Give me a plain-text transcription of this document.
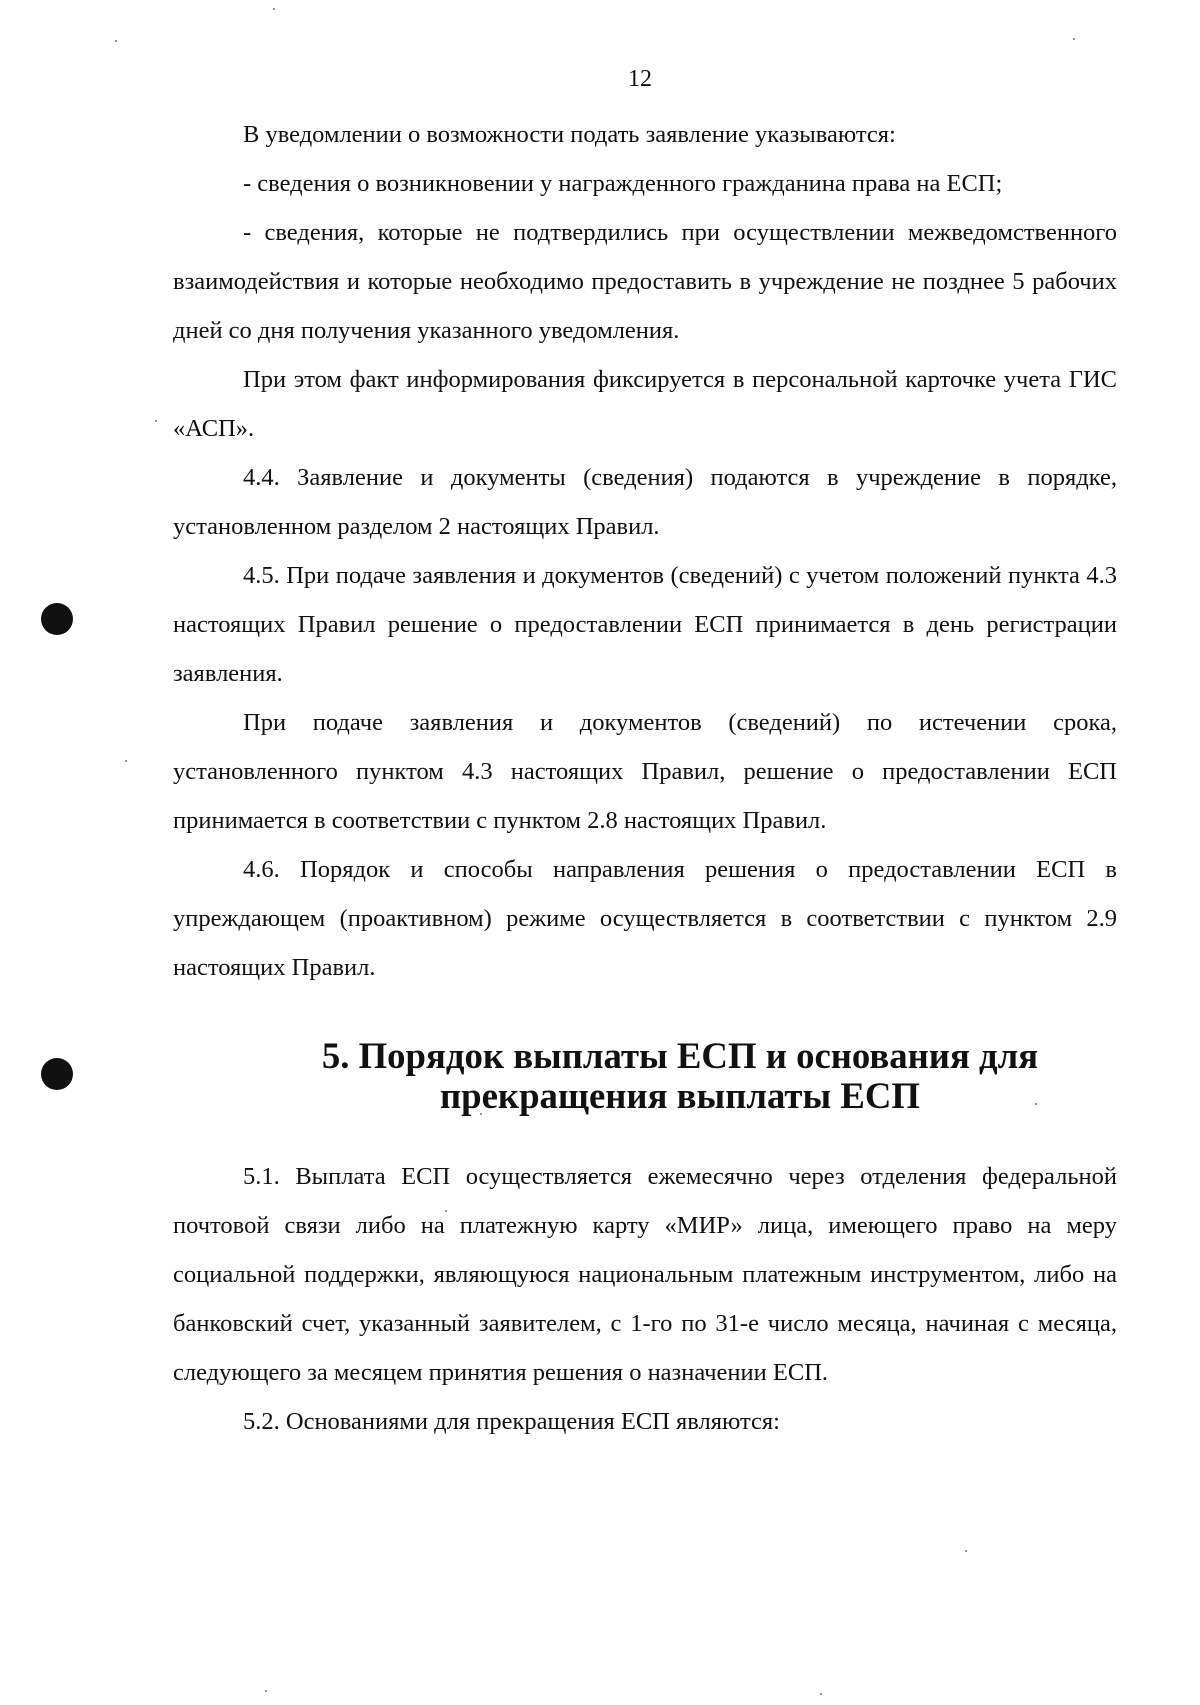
12

В уведомлении о возможности подать заявление указываются:

- сведения о возникновении у награжденного гражданина права на ЕСП;

- сведения, которые не подтвердились при осуществлении межведомственного взаимодействия и которые необходимо предоставить в учреждение не позднее 5 рабочих дней со дня получения указанного уведомления.

При этом факт информирования фиксируется в персональной карточке учета ГИС «АСП».

4.4. Заявление и документы (сведения) подаются в учреждение в порядке, установленном разделом 2 настоящих Правил.

4.5. При подаче заявления и документов (сведений) с учетом положений пункта 4.3 настоящих Правил решение о предоставлении ЕСП принимается в день регистрации заявления.

При подаче заявления и документов (сведений) по истечении срока, установленного пунктом 4.3 настоящих Правил, решение о предоставлении ЕСП принимается в соответствии с пунктом 2.8 настоящих Правил.

4.6. Порядок и способы направления решения о предоставлении ЕСП в упреждающем (проактивном) режиме осуществляется в соответствии с пунктом 2.9 настоящих Правил.

5. Порядок выплаты ЕСП и основания для прекращения выплаты ЕСП

5.1. Выплата ЕСП осуществляется ежемесячно через отделения федеральной почтовой связи либо на платежную карту «МИР» лица, имеющего право на меру социальной поддержки, являющуюся национальным платежным инструментом, либо на банковский счет, указанный заявителем, с 1-го по 31-е число месяца, начиная с месяца, следующего за месяцем принятия решения о назначении ЕСП.

5.2. Основаниями для прекращения ЕСП являются:
